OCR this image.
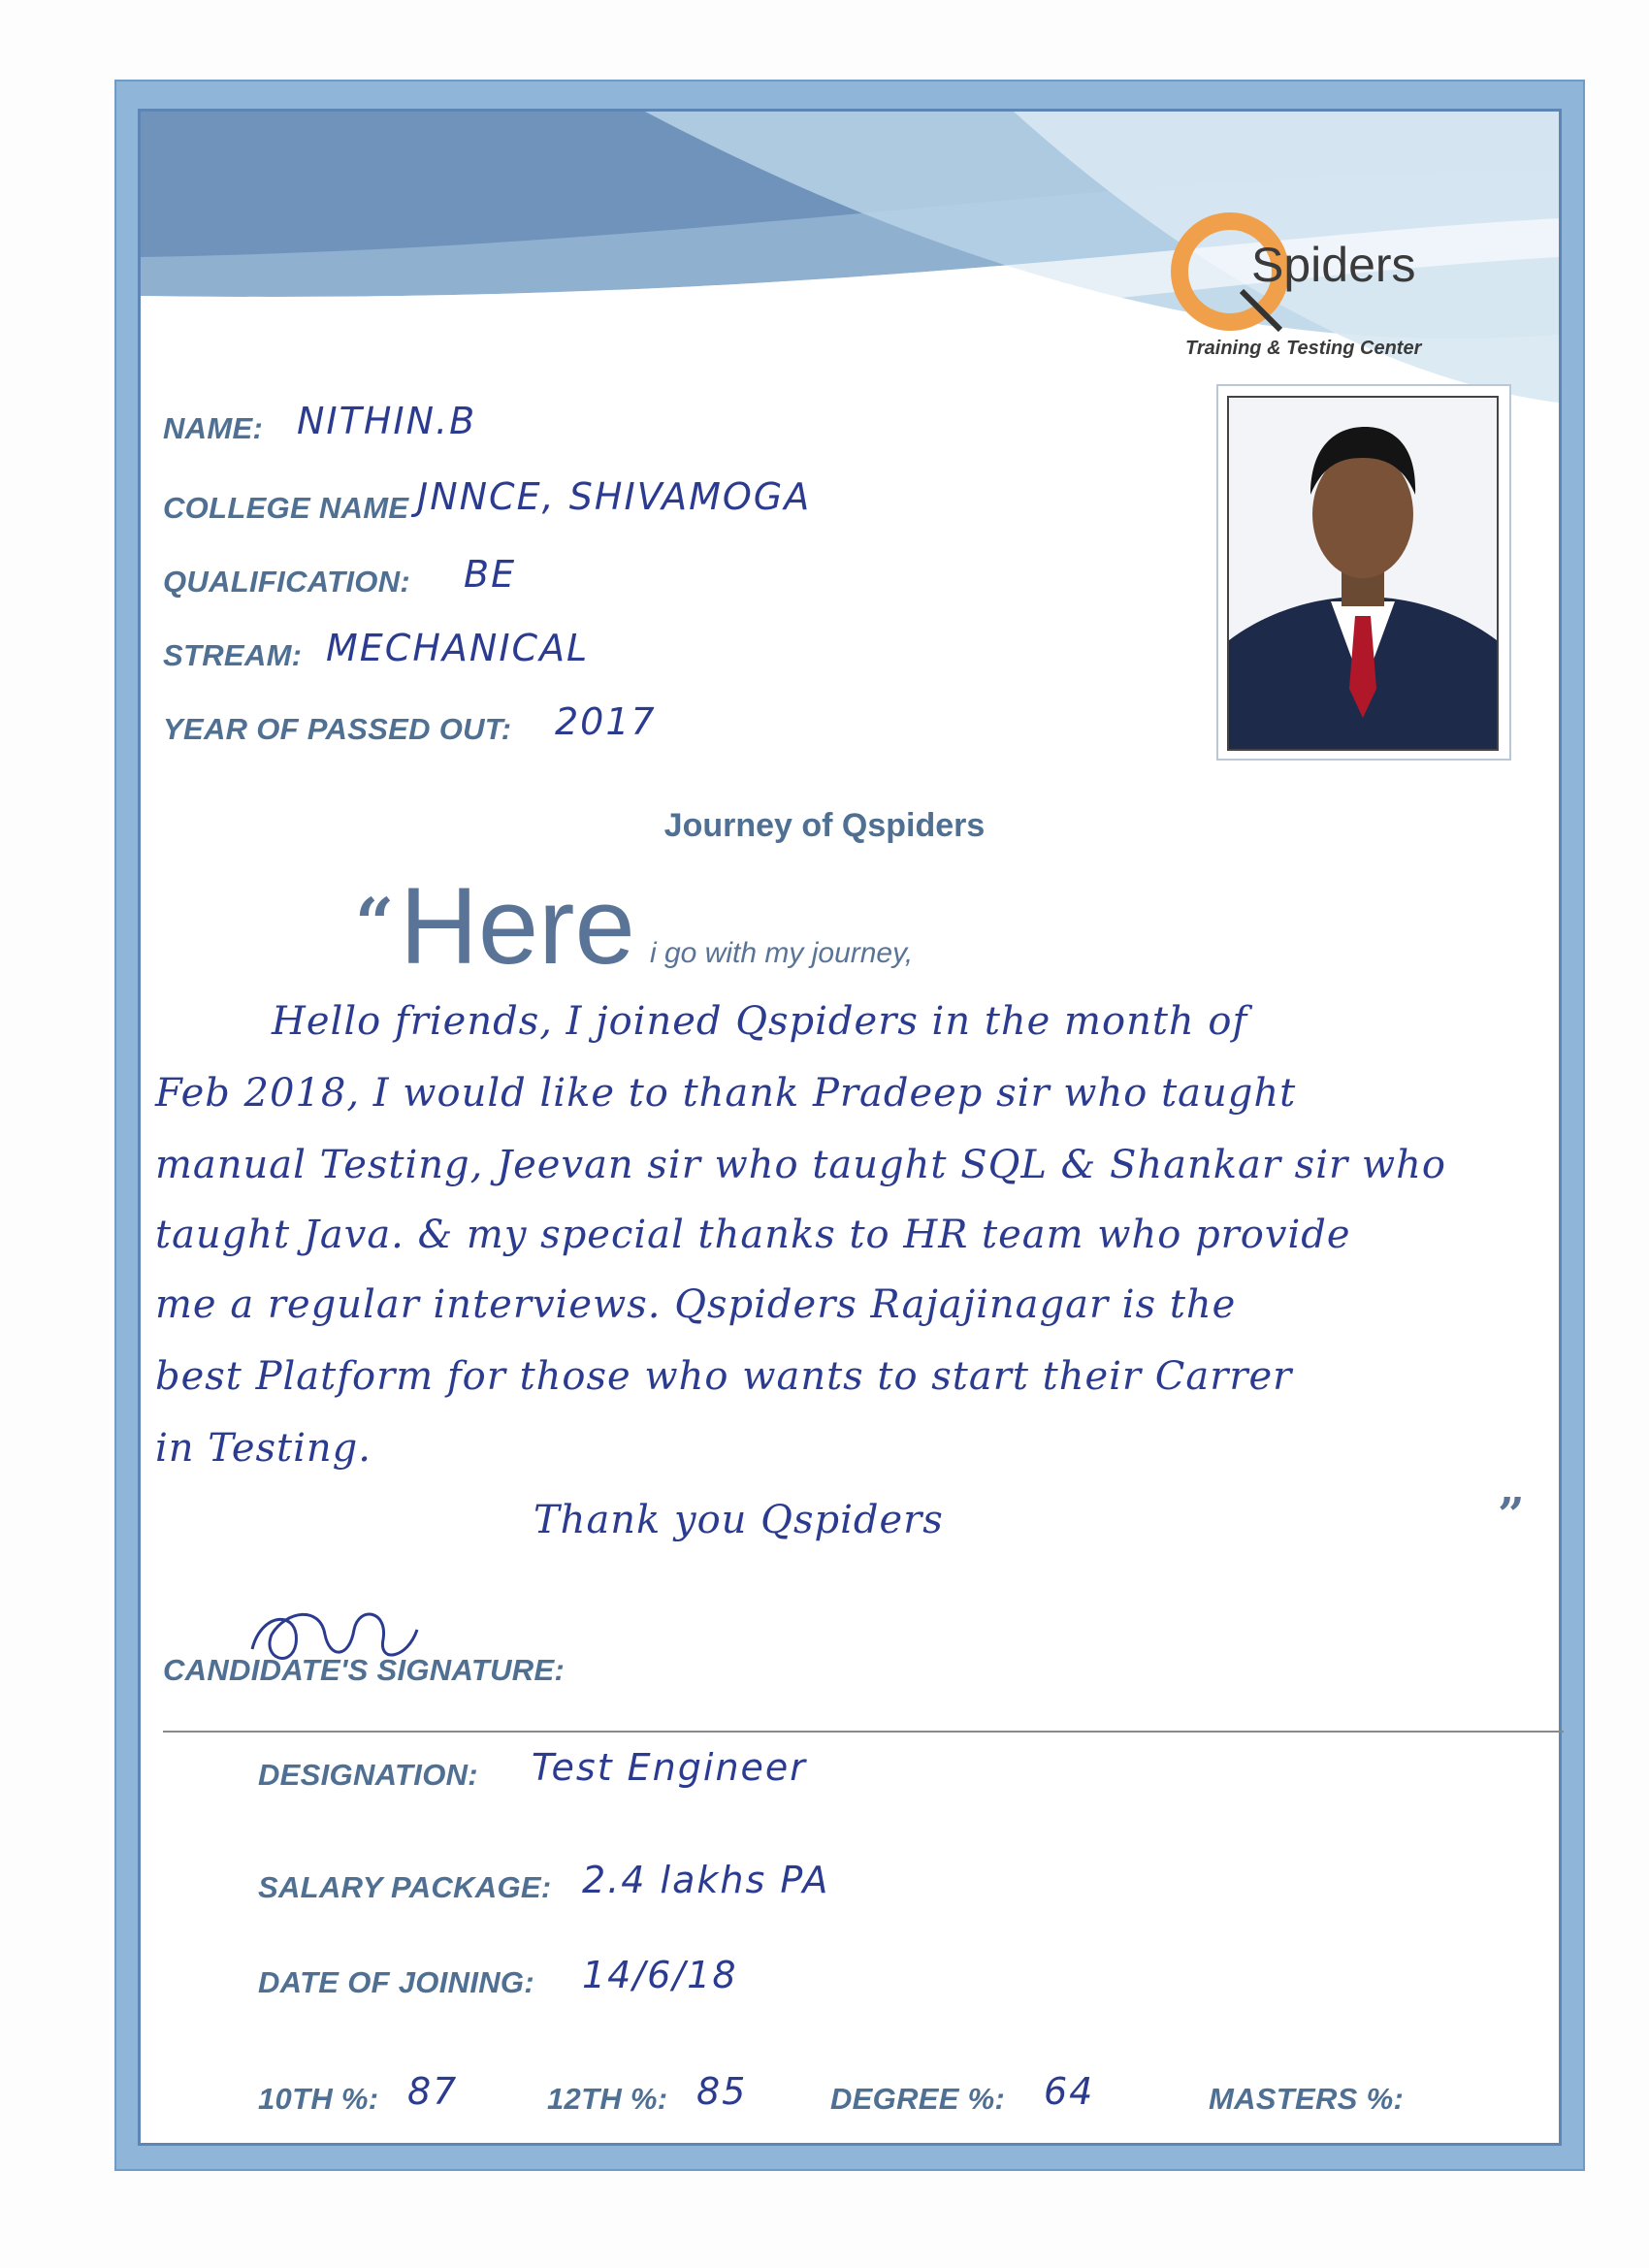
Spiders
Training & Testing Center
NAME: NITHIN.B
COLLEGE NAME JNNCE, SHIVAMOGA
QUALIFICATION: BE
STREAM: MECHANICAL
YEAR OF PASSED OUT: 2017
Journey of Qspiders
“ Here i go with my journey,
Hello friends, I joined Qspiders in the month of
Feb 2018, I would like to thank Pradeep sir who taught
manual Testing, Jeevan sir who taught SQL & Shankar sir who
taught Java. & my special thanks to HR team who provide
me a regular interviews. Qspiders Rajajinagar is the
best Platform for those who wants to start their Carrer
in Testing.
Thank you Qspiders	”
CANDIDATE'S SIGNATURE:
DESIGNATION: Test Engineer
SALARY PACKAGE: 2.4 lakhs PA
DATE OF JOINING: 14/6/18
10TH %: 87	12TH %: 85	DEGREE %: 64	MASTERS %:
